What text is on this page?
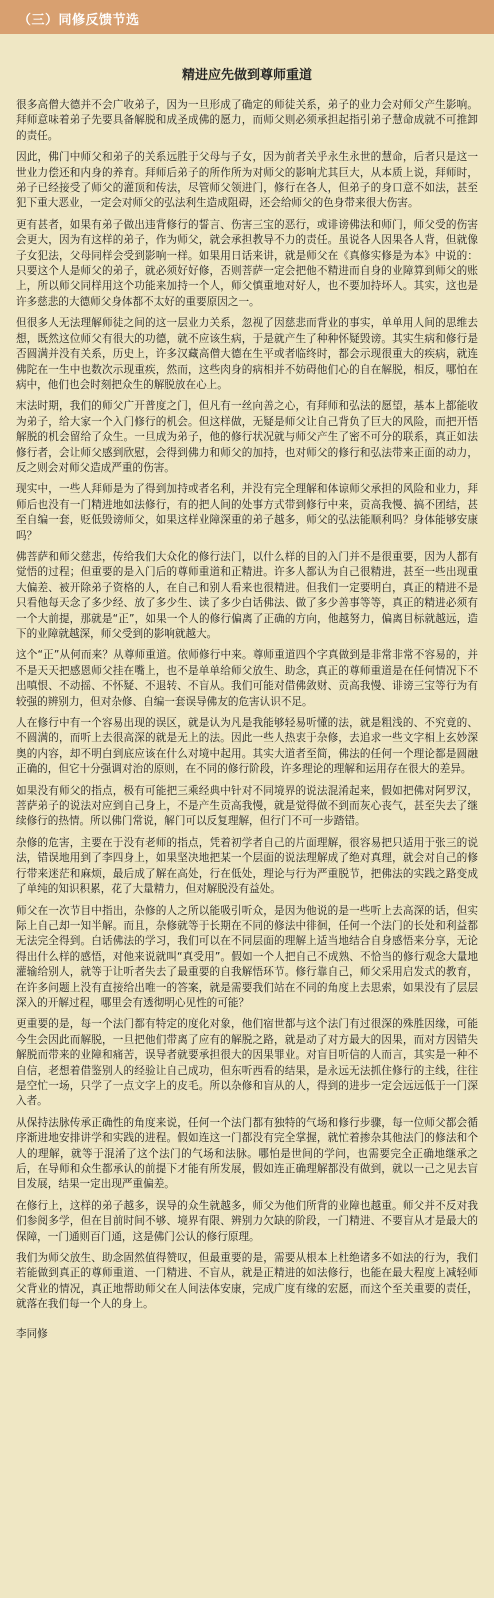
（三）同修反馈节选
精进应先做到尊师重道

很多高僧大德并不会广收弟子，因为一旦形成了确定的师徒关系，弟子的业力会对师父产生影响。拜师意味着弟子先要具备解脱和成圣成佛的愿力，而师父则必须承担起指引弟子慧命成就不可推卸的责任。

因此，佛门中师父和弟子的关系远胜于父母与子女，因为前者关乎永生永世的慧命，后者只是这一世业力偿还和内身的养育。拜师后弟子的所作所为对师父的影响尤其巨大，从本质上说，拜师时，弟子已经接受了师父的灌顶和传法，尽管师父领进门，修行在各人，但弟子的身口意不如法，甚至犯下重大恶业，一定会对师父的弘法利生造成阻碍，还会给师父的色身带来很大伤害。

更有甚者，如果有弟子做出违背修行的誓言、伤害三宝的恶行，或诽谤佛法和师门，师父受的伤害会更大，因为有这样的弟子，作为师父，就会承担教导不力的责任。虽说各人因果各人背，但就像子女犯法，父母同样会受到影响一样。如果用日话来讲，就是师父在《真修实修是为本》中说的：只要这个人是师父的弟子，就必须好好修，否则菩萨一定会把他不精进而自身的业障算到师父的账上，所以师父同样用这个功能来加持一个人，师父慎重地对好人，也不要加持坏人。其实，这也是许多慈悲的大德师父身体都不太好的重要原因之一。

但很多人无法理解师徒之间的这一层业力关系，忽视了因慈悲而背业的事实，单单用人间的思维去想，既然这位师父有很大的功德，就不应该生病，于是就产生了种种怀疑毁谤。其实生病和修行是否圆满并没有关系，历史上，许多汉藏高僧大德在生平或者临终时，都会示现很重大的疾病，就连佛陀在一生中也数次示现重疾，然而，这些肉身的病相并不妨碍他们心的自在解脱，相反，哪怕在病中，他们也会时刻把众生的解脱放在心上。

末法时期，我们的师父广开普度之门，但凡有一丝向善之心，有拜师和弘法的愿望，基本上都能收为弟子，给大家一个入门修行的机会。但这样做，无疑是师父让自己背负了巨大的风险，而把开悟解脱的机会留给了众生。一旦成为弟子，他的修行状况就与师父产生了密不可分的联系，真正如法修行者，会让师父感到欣慰，会得到佛力和师父的加持，也对师父的修行和弘法带来正面的动力，反之则会对师父造成严重的伤害。

现实中，一些人拜师是为了得到加持或者名利，并没有完全理解和体谅师父承担的风险和业力，拜师后也没有一门精进地如法修行，有的把人间的处事方式带到修行中来，贡高我慢、搞不团结，甚至自编一套，贬低毁谤师父，如果这样业障深重的弟子越多，师父的弘法能顺利吗？身体能够安康吗？

佛菩萨和师父慈悲，传给我们大众化的修行法门，以什么样的目的入门并不是很重要，因为人都有觉悟的过程；但重要的是入门后的尊师重道和正精进。许多人都认为自己很精进，甚至一些出现重大偏差、被开除弟子资格的人，在自己和别人看来也很精进。但我们一定要明白，真正的精进不是只看他每天念了多少经、放了多少生、读了多少白话佛法、做了多少善事等等，真正的精进必须有一个大前提，那就是“正”，如果一个人的修行偏离了正确的方向，他越努力，偏离目标就越远，造下的业障就越深，师父受到的影响就越大。

这个“正”从何而来？从尊师重道。依师修行中来。尊师重道四个字真做到是非常非常不容易的，并不是天天把感恩师父挂在嘴上，也不是单单给师父放生、助念，真正的尊师重道是在任何情况下不出嗔恨、不动摇、不怀疑、不退转、不盲从。我们可能对借佛敛财、贡高我慢、诽谤三宝等行为有较强的辨别力，但对杂修、自编一套误导佛友的危害认识不足。

人在修行中有一个容易出现的误区，就是认为凡是我能够轻易听懂的法，就是粗浅的、不究竟的、不圆满的，而听上去很高深的就是无上的法。因此一些人热衷于杂修，去追求一些文字相上玄妙深奥的内容，却不明白到底应该在什么对境中起用。其实大道者至简，佛法的任何一个理论都是圆融正确的，但它十分强调对治的原则，在不同的修行阶段，许多理论的理解和运用存在很大的差异。

如果没有师父的指点，极有可能把三乘经典中针对不同境界的说法混淆起来，假如把佛对阿罗汉，菩萨弟子的说法对应到自己身上，不是产生贡高我慢，就是觉得做不到而灰心丧气，甚至失去了继续修行的热情。所以佛门常说，解门可以反复理解，但行门不可一步踏错。

杂修的危害，主要在于没有老师的指点，凭着初学者自己的片面理解，很容易把只适用于张三的说法，错误地用到了李四身上，如果坚决地把某一个层面的说法理解成了绝对真理，就会对自己的修行带来迷茫和麻烦，最后成了解在高处，行在低处，理论与行为严重脱节，把佛法的实践之路变成了单纯的知识积累，花了大量精力，但对解脱没有益处。

师父在一次节目中指出，杂修的人之所以能吸引听众，是因为他说的是一些听上去高深的话，但实际上自己却一知半解。而且，杂修就等于长期在不同的修法中徘徊，任何一个法门的长处和利益都无法完全得到。白话佛法的学习，我们可以在不同层面的理解上适当地结合自身感悟来分享，无论得出什么样的感悟，对他来说就叫“真受用”。假如一个人把自己不成熟、不恰当的修行观念大量地灌输给别人，就等于让听者失去了最重要的自我解悟环节。修行靠自己，师父采用启发式的教育，在许多问题上没有直接给出唯一的答案，就是需要我们站在不同的角度上去思索，如果没有了层层深入的开解过程，哪里会有透彻明心见性的可能？

更重要的是，每一个法门都有特定的度化对象，他们宿世都与这个法门有过很深的殊胜因缘，可能今生会因此而解脱，一旦把他们带离了应有的解脱之路，就是动了对方最大的因果，而对方因错失解脱而带来的业障和痛苦，误导者就要承担很大的因果罪业。对盲目听信的人而言，其实是一种不自信，老想着借鉴别人的经验让自己成功，但东听西看的结果，是永远无法抓住修行的主线，往往是空忙一场，只学了一点文字上的皮毛。所以杂修和盲从的人，得到的进步一定会远远低于一门深入者。

从保持法脉传承正确性的角度来说，任何一个法门都有独特的气场和修行步骤，每一位师父都会循序渐进地安排讲学和实践的进程。假如连这一门都没有完全掌握，就忙着掺杂其他法门的修法和个人的理解，就等于混淆了这个法门的气场和法脉。哪怕是世间的学问，也需要完全正确地继承之后，在导师和众生都承认的前提下才能有所发展，假如连正确理解都没有做到，就以一己之见去盲目发展，结果一定出现严重偏差。

在修行上，这样的弟子越多，误导的众生就越多，师父为他们所背的业障也越重。师父并不反对我们参阅多学，但在目前时间不够、境界有限、辨别力欠缺的阶段，一门精进、不要盲从才是最大的保障，一门通则百门通，这是佛门公认的修行原理。

我们为师父放生、助念固然值得赞叹，但最重要的是，需要从根本上杜绝诸多不如法的行为，我们若能做到真正的尊师重道、一门精进、不盲从，就是正精进的如法修行，也能在最大程度上减轻师父背业的情况，真正地帮助师父在人间法体安康，完成广度有缘的宏愿，而这个至关重要的责任，就落在我们每一个人的身上。

李同修
